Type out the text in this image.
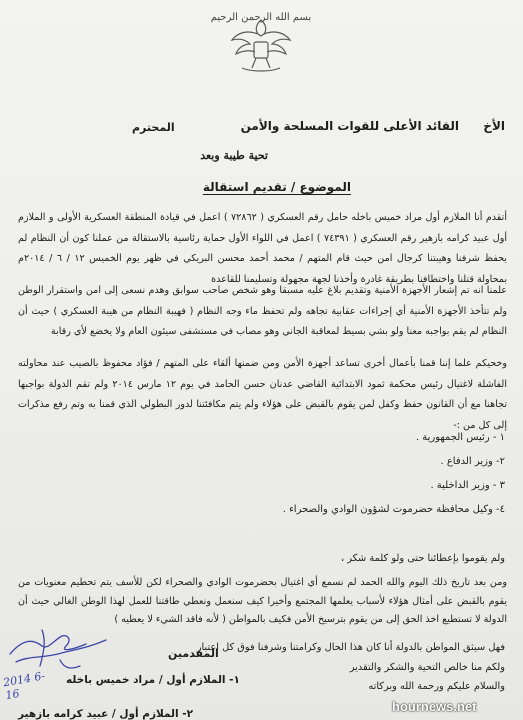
بسم الله الرحمن الرحيم
الأخ
القائد الأعلى للقوات المسلحة والأمن
المحترم
تحية طيبة وبعد
الموضوع / تقديم استقالة
أتقدم أنا الملازم أول مراد خميس باخله حامل رقم العسكري ( ٧٢٨٦٢ ) اعمل في قيادة المنطقة العسكرية الأولى و الملازم أول عبيد كرامه بازهير رقم العسكري ( ٧٤٣٩١ ) اعمل في اللواء الأول حماية رئاسية بالاستقالة من عملنا كون أن النظام لم يحفظ شرفنا وهيبتنا كرجال امن حيث قام المتهم / محمد أحمد محسن البريكي في ظهر يوم الخميس ١٢ / ٦ / ٢٠١٤م بمحاولة قتلنا واختطافنا بطريقة غادرة وأخذنا لجهة مجهولة وتسليمنا للقاعدة
علمنا انه تم إشعار الأجهزة الأمنية وتقديم بلاغ عليه مسبقا وهو شخص صاحب سوابق وهدم نسعى إلى امن واستقرار الوطن ولم تتأخذ الأجهزة الأمنية أي إجراءات عقابية تجاهه ولم تحفظ ماء وجه النظام ( فهيبة النظام من هيبة العسكري ) حيث أن النظام لم يقم بواجبه معنا ولو بشي بسيط لمعاقبة الجاني وهو مصاب في مستشفى سيئون العام ولا يخضع لأي رقابة
وخحيكم علما إننا قمنا بأعمال أخرى تساعد أجهزة الأمن ومن ضمنها ألقاء على المتهم / فؤاد محفوظ بالصيب عند محاولته الفاشلة لاغتيال رئيس محكمة ثمود الابتدائية القاضي عدنان حسن الحامد في يوم ١٢ مارس ٢٠١٤ ولم تقم الدولة بواجبها تجاهنا مع أن القانون حفظ وكفل لمن يقوم بالقبض على هؤلاء ولم يتم مكافئتنا لدور البطولي الذي قمنا به وتم رفع مذكرات إلى كل من :-
١ - رئيس الجمهورية .
٢- وزير الدفاع .
٣ - وزير الداخلية .
٤- وكيل محافظة حضرموت لشؤون الوادي والصحراء .
ولم يقوموا بإعطائنا حتى ولو كلمة شكر ،
ومن بعد تاريخ ذلك اليوم والله الحمد لم نسمع أي اغتيال بحضرموت الوادي والصحراء لكن للأسف يتم تحطيم معنويات من يقوم بالقبض على أمثال هؤلاء لأسباب يعلمها المجتمع وأخيرا كيف سنعمل ونعطي طاقتنا للعمل لهذا الوطن الغالي حيث أن الدولة لا تستطيع اخذ الحق إلى من يقوم بترسيخ الأمن فكيف بالمواطن ( لأنه فاقد الشيء لا يعطيه )
فهل سيثق المواطن بالدولة أنا كان هذا الحال وكرامتنا وشرفنا فوق كل اعتبار
ولكم منا خالص التحية والشكر والتقدير
والسلام عليكم ورحمة الله وبركاته
المقدمين
١- الملازم أول / مراد خميس باخله
٢- الملازم أول / عبيد كرامه بازهير
2014 6-16
hournews.net
